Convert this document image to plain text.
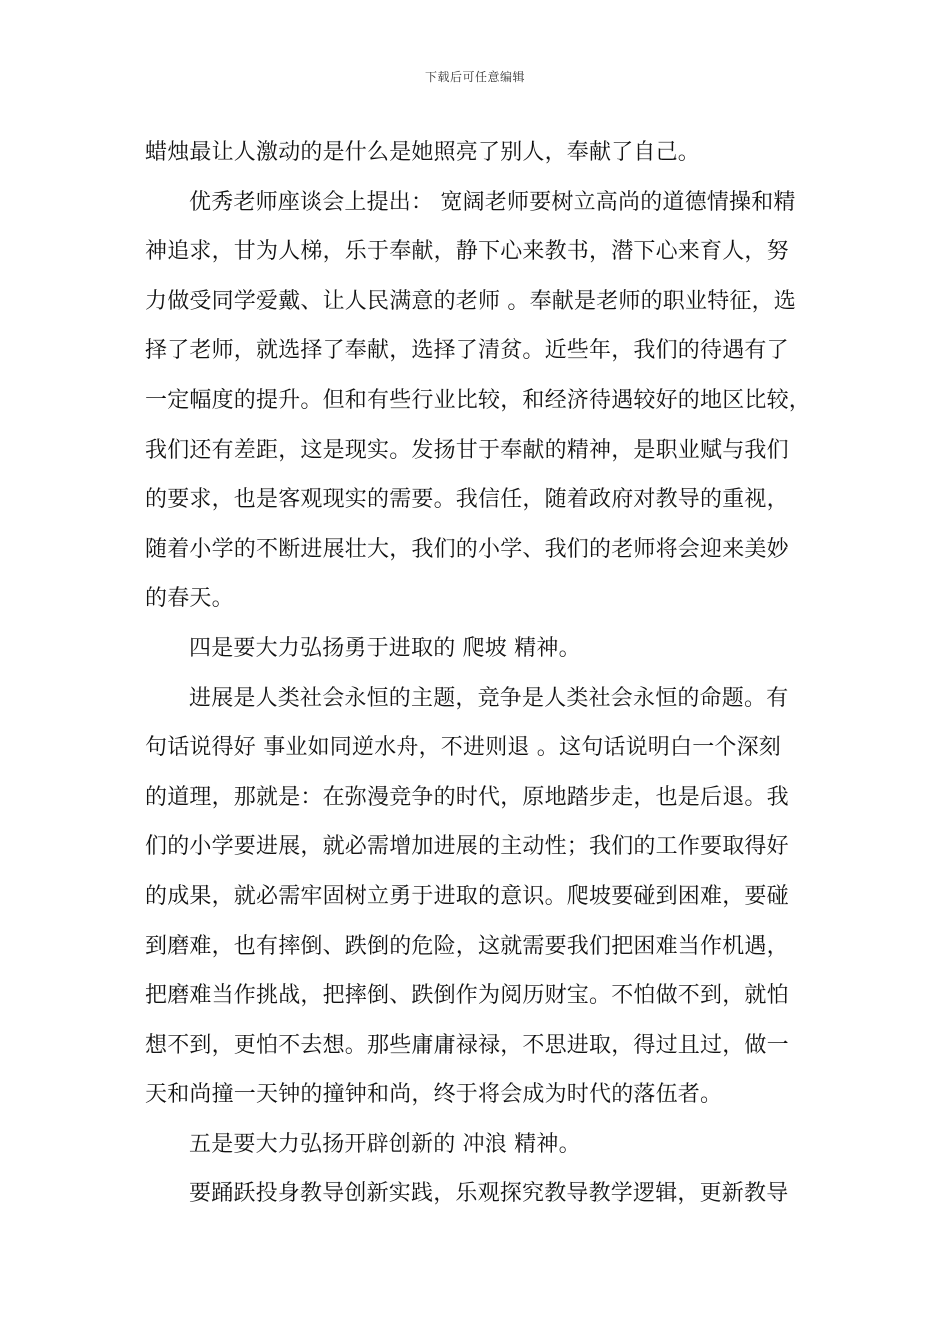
下载后可任意编辑
蜡烛最让人激动的是什么是她照亮了别人，奉献了自己。
优秀老师座谈会上提出： 宽阔老师要树立高尚的道德情操和精
神追求，甘为人梯，乐于奉献，静下心来教书，潜下心来育人，努
力做受同学爱戴、让人民满意的老师 。奉献是老师的职业特征，选
择了老师，就选择了奉献，选择了清贫。近些年，我们的待遇有了
一定幅度的提升。但和有些行业比较，和经济待遇较好的地区比较，
我们还有差距，这是现实。发扬甘于奉献的精神，是职业赋与我们
的要求，也是客观现实的需要。我信任，随着政府对教导的重视，
随着小学的不断进展壮大，我们的小学、我们的老师将会迎来美妙
的春天。
四是要大力弘扬勇于进取的 爬坡 精神。
进展是人类社会永恒的主题，竞争是人类社会永恒的命题。有
句话说得好 事业如同逆水舟，不进则退 。这句话说明白一个深刻
的道理，那就是：在弥漫竞争的时代，原地踏步走，也是后退。我
们的小学要进展，就必需增加进展的主动性；我们的工作要取得好
的成果，就必需牢固树立勇于进取的意识。爬坡要碰到困难，要碰
到磨难，也有摔倒、跌倒的危险，这就需要我们把困难当作机遇，
把磨难当作挑战，把摔倒、跌倒作为阅历财宝。不怕做不到，就怕
想不到，更怕不去想。那些庸庸禄禄，不思进取，得过且过，做一
天和尚撞一天钟的撞钟和尚，终于将会成为时代的落伍者。
五是要大力弘扬开辟创新的 冲浪 精神。
要踊跃投身教导创新实践，乐观探究教导教学逻辑，更新教导
